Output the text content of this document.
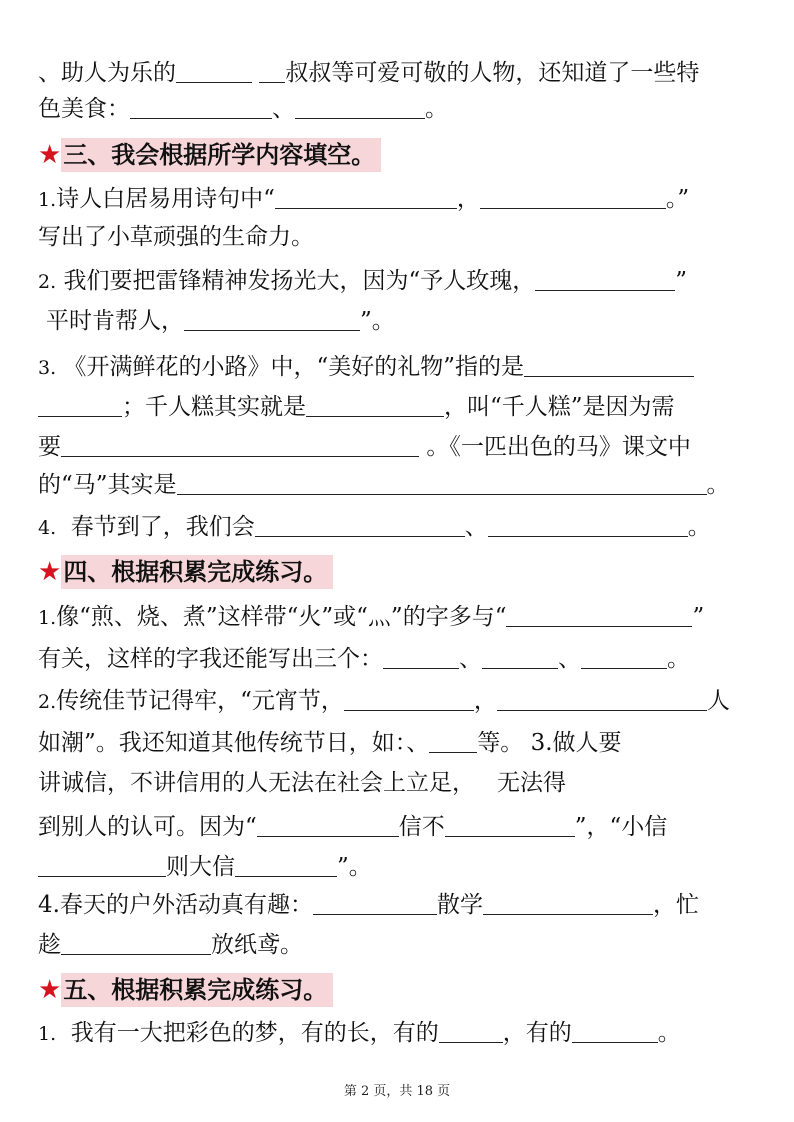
、助人为乐的	叔叔等可爱可敬的人物，还知道了一些特
色美食：	、	。
★三、我会根据所学内容填空。
1.诗人白居易用诗句中“	，	。”
写出了小草顽强的生命力。
2. 我们要把雷锋精神发扬光大，因为“予人玫瑰，	”
平时肯帮人，	”。
3. 《开满鲜花的小路》中，“美好的礼物”指的是
；千人糕其实就是	，叫“千人糕”是因为需
要	。《一匹出色的马》课文中
的“马”其实是	。
4. 春节到了，我们会	、	。
★四、根据积累完成练习。
1.像“煎、烧、煮”这样带“火”或“灬”的字多与“	”
有关，这样的字我还能写出三个：	、	、	。
2.传统佳节记得牢，“元宵节，	，	人
如潮”。我还知道其他传统节日，如：、 等。 3.做人要
讲诚信，不讲信用的人无法在社会上立足， 无法得
到别人的认可。因为“	信不	”，“小信
则大信	”。
4.春天的户外活动真有趣：	散学	，忙
趁	放纸鸢。
★五、根据积累完成练习。
1. 我有一大把彩色的梦，有的长，有的	，有的	。
第 2 页，共 18 页
